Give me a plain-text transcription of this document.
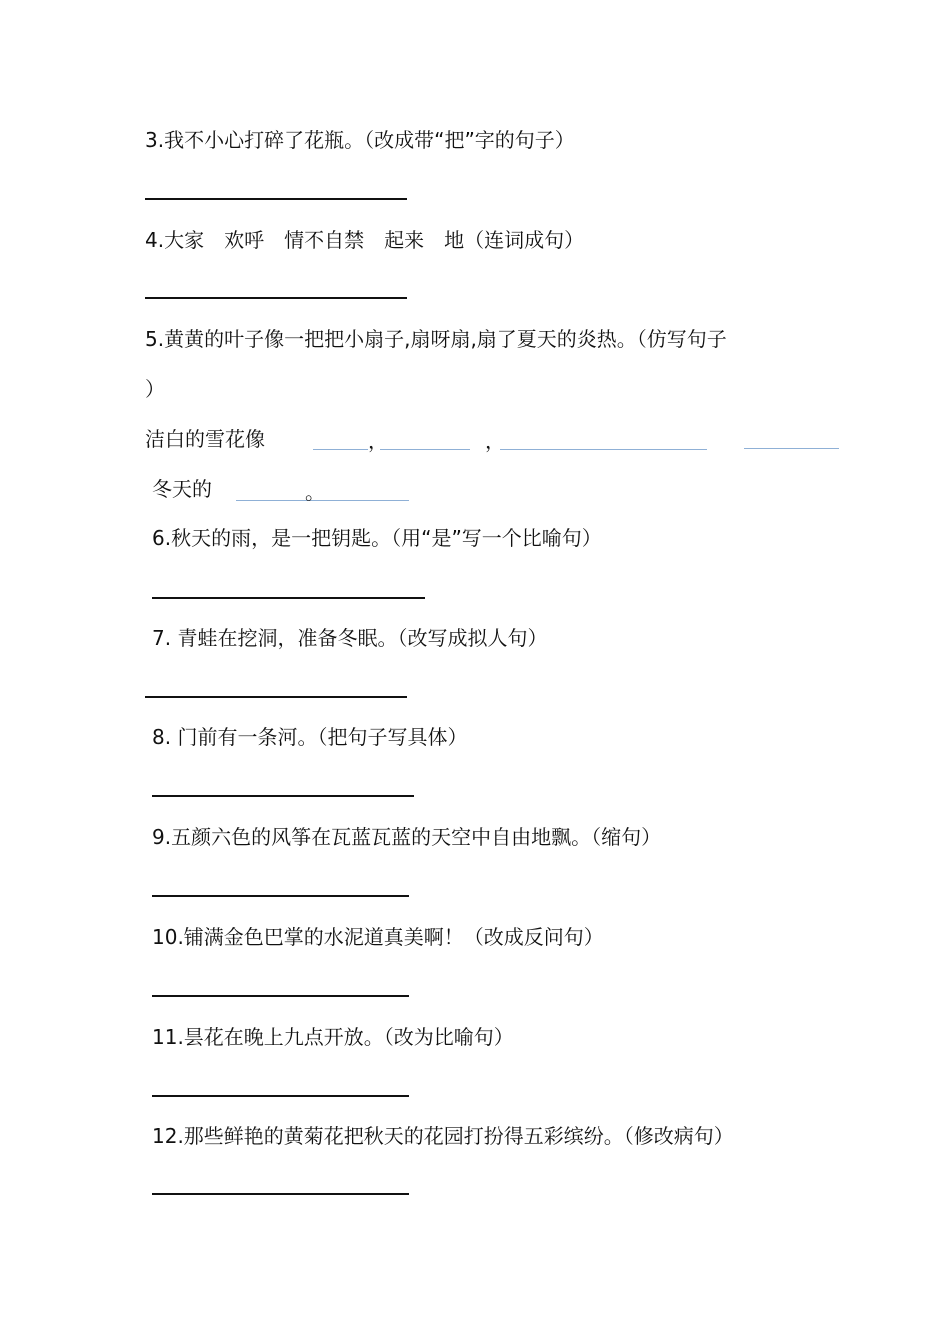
3.我不小心打碎了花瓶。（改成带“把”字的句子）

4.大家　欢呼　情不自禁　起来　地（连词成句）

5.黄黄的叶子像一把把小扇子,扇呀扇,扇了夏天的炎热。（仿写句子

）

洁白的雪花像	，	，

冬天的	。

6.秋天的雨，是一把钥匙。（用“是”写一个比喻句）

7. 青蛙在挖洞，准备冬眠。（改写成拟人句）

8. 门前有一条河。（把句子写具体）

9.五颜六色的风筝在瓦蓝瓦蓝的天空中自由地飘。（缩句）

10.铺满金色巴掌的水泥道真美啊！（改成反问句）

11.昙花在晚上九点开放。（改为比喻句）

12.那些鲜艳的黄菊花把秋天的花园打扮得五彩缤纷。（修改病句）
